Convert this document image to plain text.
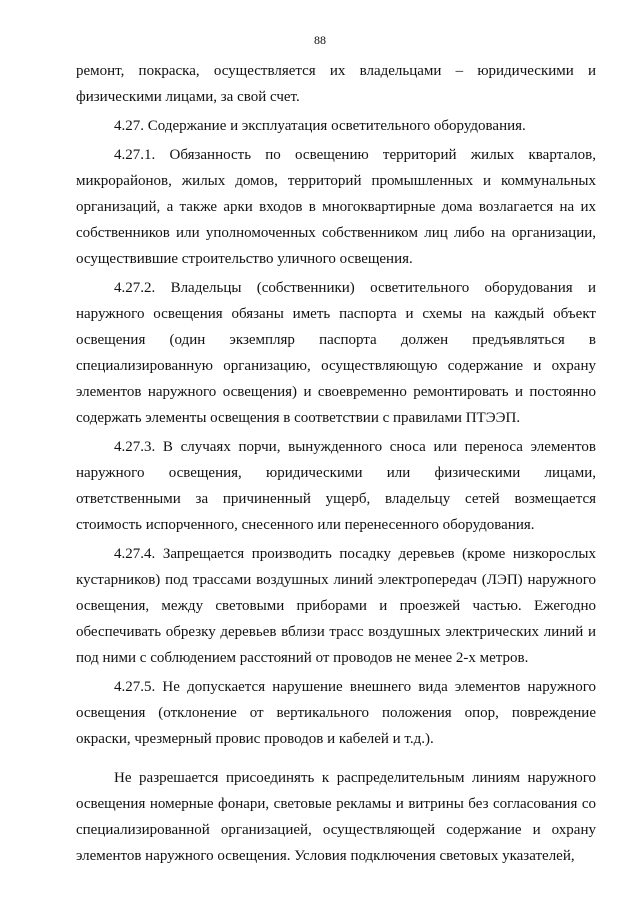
88

ремонт, покраска, осуществляется их владельцами – юридическими и физическими лицами, за свой счет.

4.27. Содержание и эксплуатация осветительного оборудования.

4.27.1. Обязанность по освещению территорий жилых кварталов, микрорайонов, жилых домов, территорий промышленных и коммунальных организаций, а также арки входов в многоквартирные дома возлагается на их собственников или уполномоченных собственником лиц либо на организации, осуществившие строительство уличного освещения.

4.27.2. Владельцы (собственники) осветительного оборудования и наружного освещения обязаны иметь паспорта и схемы на каждый объект освещения (один экземпляр паспорта должен предъявляться в специализированную организацию, осуществляющую содержание и охрану элементов наружного освещения) и своевременно ремонтировать и постоянно содержать элементы освещения в соответствии с правилами ПТЭЭП.

4.27.3. В случаях порчи, вынужденного сноса или переноса элементов наружного освещения, юридическими или физическими лицами, ответственными за причиненный ущерб, владельцу сетей возмещается стоимость испорченного, снесенного или перенесенного оборудования.

4.27.4. Запрещается производить посадку деревьев (кроме низкорослых кустарников) под трассами воздушных линий электропередач (ЛЭП) наружного освещения, между световыми приборами и проезжей частью. Ежегодно обеспечивать обрезку деревьев вблизи трасс воздушных электрических линий и под ними с соблюдением расстояний от проводов не менее 2-х метров.

4.27.5. Не допускается нарушение внешнего вида элементов наружного освещения (отклонение от вертикального положения опор, повреждение окраски, чрезмерный провис проводов и кабелей и т.д.).

Не разрешается присоединять к распределительным линиям наружного освещения номерные фонари, световые рекламы и витрины без согласования со специализированной организацией, осуществляющей содержание и охрану элементов наружного освещения. Условия подключения световых указателей,
